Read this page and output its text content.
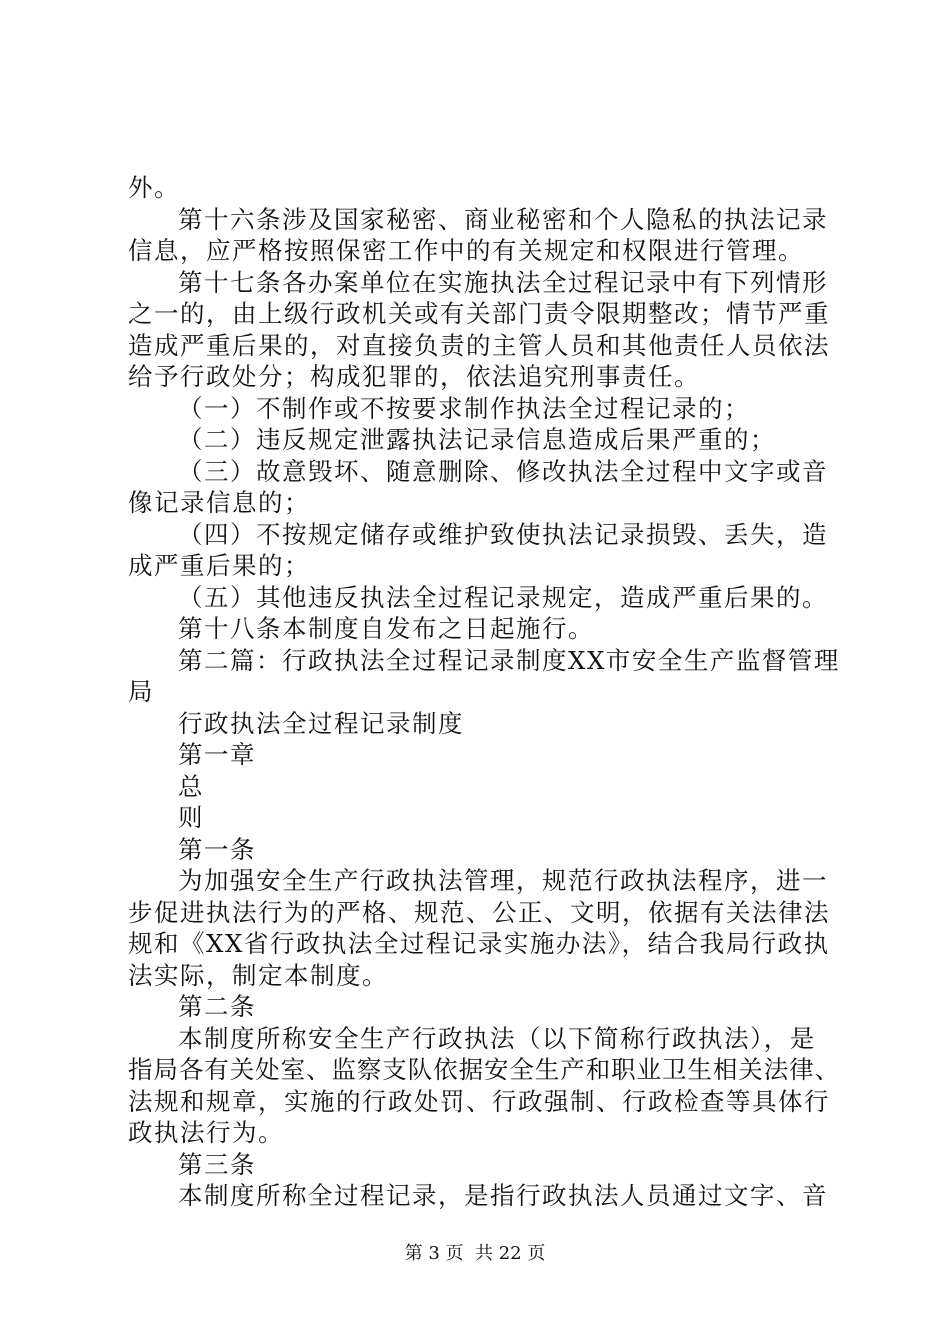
外。
第十六条涉及国家秘密、商业秘密和个人隐私的执法记录
信息，应严格按照保密工作中的有关规定和权限进行管理。
第十七条各办案单位在实施执法全过程记录中有下列情形
之一的，由上级行政机关或有关部门责令限期整改；情节严重
造成严重后果的，对直接负责的主管人员和其他责任人员依法
给予行政处分；构成犯罪的，依法追究刑事责任。
（一）不制作或不按要求制作执法全过程记录的；
（二）违反规定泄露执法记录信息造成后果严重的；
（三）故意毁坏、随意删除、修改执法全过程中文字或音
像记录信息的；
（四）不按规定储存或维护致使执法记录损毁、丢失，造
成严重后果的；
（五）其他违反执法全过程记录规定，造成严重后果的。
第十八条本制度自发布之日起施行。
第二篇：行政执法全过程记录制度XX市安全生产监督管理
局
行政执法全过程记录制度
第一章
总
则
第一条
为加强安全生产行政执法管理，规范行政执法程序，进一
步促进执法行为的严格、规范、公正、文明，依据有关法律法
规和《XX省行政执法全过程记录实施办法》，结合我局行政执
法实际，制定本制度。
第二条
本制度所称安全生产行政执法（以下简称行政执法），是
指局各有关处室、监察支队依据安全生产和职业卫生相关法律、
法规和规章，实施的行政处罚、行政强制、行政检查等具体行
政执法行为。
第三条
本制度所称全过程记录，是指行政执法人员通过文字、音
第 3 页  共 22 页
